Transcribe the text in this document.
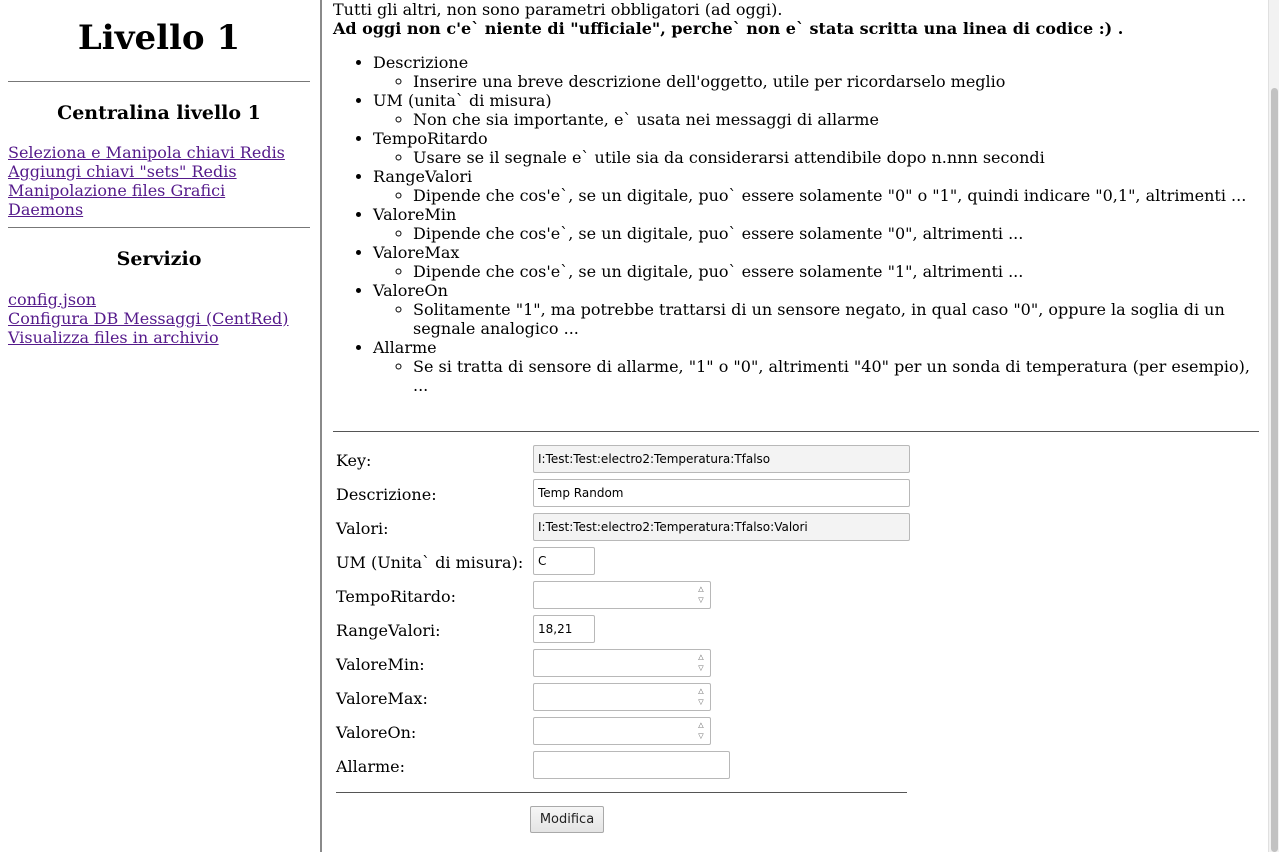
Livello 1
Centralina livello 1
Seleziona e Manipola chiavi Redis
Aggiungi chiavi "sets" Redis
Manipolazione files Grafici
Daemons
Servizio
config.json
Configura DB Messaggi (CentRed)
Visualizza files in archivio
Tutti gli altri, non sono parametri obbligatori (ad oggi).
Ad oggi non c'e` niente di "ufficiale", perche` non e` stata scritta una linea di codice :) .
• Descrizione
◦ Inserire una breve descrizione dell'oggetto, utile per ricordarselo meglio
• UM (unita` di misura)
◦ Non che sia importante, e` usata nei messaggi di allarme
• TempoRitardo
◦ Usare se il segnale e` utile sia da considerarsi attendibile dopo n.nnn secondi
• RangeValori
◦ Dipende che cos'e`, se un digitale, puo` essere solamente "0" o "1", quindi indicare "0,1", altrimenti ...
• ValoreMin
◦ Dipende che cos'e`, se un digitale, puo` essere solamente "0", altrimenti ...
• ValoreMax
◦ Dipende che cos'e`, se un digitale, puo` essere solamente "1", altrimenti ...
• ValoreOn
◦ Solitamente "1", ma potrebbe trattarsi di un sensore negato, in qual caso "0", oppure la soglia di un segnale analogico ...
• Allarme
◦ Se si tratta di sensore di allarme, "1" o "0", altrimenti "40" per un sonda di temperatura (per esempio), ...
Key:	I:Test:Test:electro2:Temperatura:Tfalso
Descrizione:	Temp Random
Valori:	I:Test:Test:electro2:Temperatura:Tfalso:Valori
UM (Unita` di misura):	C
TempoRitardo:	△
▽
RangeValori:	18,21
ValoreMin:	△
▽
ValoreMax:	△
▽
ValoreOn:	△
▽
Allarme:
Modifica
